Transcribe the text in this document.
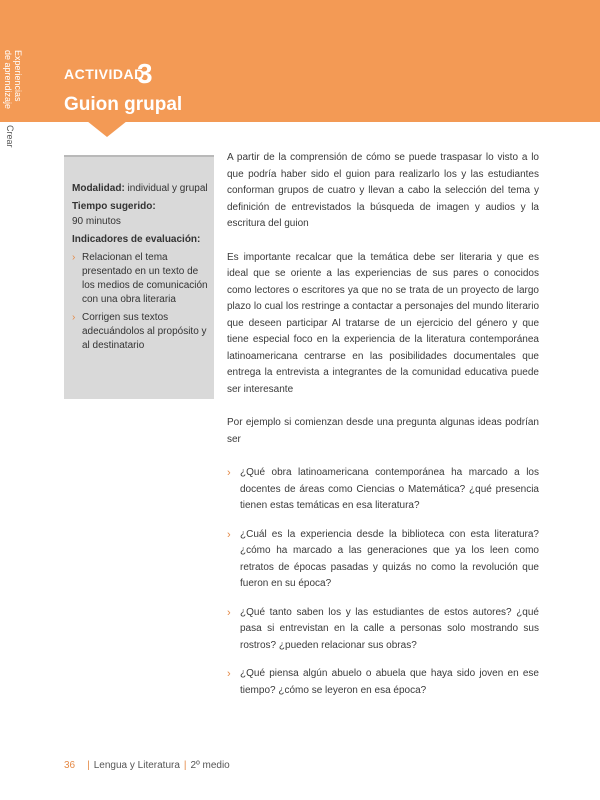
Experiencias
de aprendizaje
Crear
ACTIVIDAD
3
Guion grupal
Modalidad: individual y grupal
Tiempo sugerido:
90 minutos
Indicadores de evaluación:
› Relacionan el tema presentado en un texto de los medios de comunicación con una obra literaria
› Corrigen sus textos adecuándolos al propósito y al destinatario

A partir de la comprensión de cómo se puede traspasar lo visto a lo que podría haber sido el guion para realizarlo los y las estudiantes conforman grupos de cuatro y llevan a cabo la selección del tema y definición de entrevistados la búsqueda de imagen y audios y la escritura del guion

Es importante recalcar que la temática debe ser literaria y que es ideal que se oriente a las experiencias de sus pares o conocidos como lectores o escritores ya que no se trata de un proyecto de largo plazo lo cual los restringe a contactar a personajes del mundo literario que deseen participar Al tratarse de un ejercicio del género y que tiene especial foco en la experiencia de la literatura contemporánea latinoamericana centrarse en las posibilidades documentales que entrega la entrevista a integrantes de la comunidad educativa puede ser interesante

Por ejemplo si comienzan desde una pregunta algunas ideas podrían ser

› ¿Qué obra latinoamericana contemporánea ha marcado a los docentes de áreas como Ciencias o Matemática? ¿qué presencia tienen estas temáticas en esa literatura?
› ¿Cuál es la experiencia desde la biblioteca con esta literatura? ¿cómo ha marcado a las generaciones que ya los leen como retratos de épocas pasadas y quizás no como la revolución que fueron en su época?
› ¿Qué tanto saben los y las estudiantes de estos autores? ¿qué pasa si entrevistan en la calle a personas solo mostrando sus rostros? ¿pueden relacionar sus obras?
› ¿Qué piensa algún abuelo o abuela que haya sido joven en ese tiempo? ¿cómo se leyeron en esa época?
36 | Lengua y Literatura | 2º medio
